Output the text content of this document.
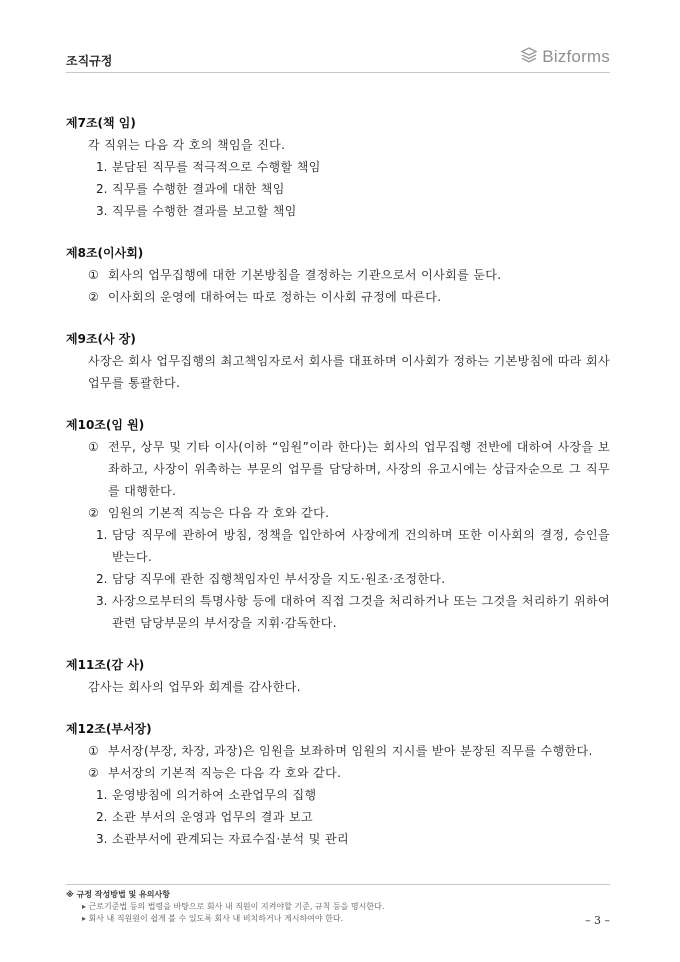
조직규정	Bizforms
제7조(책 임)
각 직위는 다음 각 호의 책임을 진다.
1. 분담된 직무를 적극적으로 수행할 책임
2. 직무를 수행한 결과에 대한 책임
3. 직무를 수행한 결과를 보고할 책임
제8조(이사회)
① 회사의 업무집행에 대한 기본방침을 결정하는 기관으로서 이사회를 둔다.
② 이사회의 운영에 대하여는 따로 정하는 이사회 규정에 따른다.
제9조(사 장)
사장은 회사 업무집행의 최고책임자로서 회사를 대표하며 이사회가 정하는 기본방침에 따라 회사 업무를 통괄한다.
제10조(임 원)
① 전무, 상무 및 기타 이사(이하 “임원”이라 한다)는 회사의 업무집행 전반에 대하여 사장을 보좌하고, 사장이 위촉하는 부문의 업무를 담당하며, 사장의 유고시에는 상급자순으로 그 직무를 대행한다.
② 임원의 기본적 직능은 다음 각 호와 같다.
1. 담당 직무에 관하여 방침, 정책을 입안하여 사장에게 건의하며 또한 이사회의 결정, 승인을 받는다.
2. 담당 직무에 관한 집행책임자인 부서장을 지도·원조·조정한다.
3. 사장으로부터의 특명사항 등에 대하여 직접 그것을 처리하거나 또는 그것을 처리하기 위하여 관련 담당부문의 부서장을 지휘·감독한다.
제11조(감 사)
감사는 회사의 업무와 회계를 감사한다.
제12조(부서장)
① 부서장(부장, 차장, 과장)은 임원을 보좌하며 임원의 지시를 받아 분장된 직무를 수행한다.
② 부서장의 기본적 직능은 다음 각 호와 같다.
1. 운영방침에 의거하여 소관업무의 집행
2. 소관 부서의 운영과 업무의 결과 보고
3. 소관부서에 관계되는 자료수집·분석 및 관리
※ 규정 작성방법 및 유의사항
▸ 근로기준법 등의 법령을 바탕으로 회사 내 직원이 지켜야할 기준, 규칙 등을 명시한다.
▸ 회사 내 직원원이 쉽게 볼 수 있도록 회사 내 비치하거나 게시하여야 한다.	– 3 –
